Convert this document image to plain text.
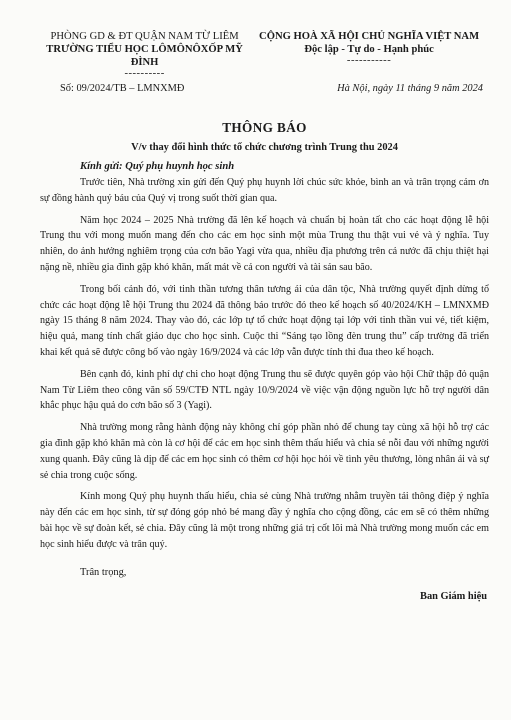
PHÒNG GD & ĐT QUẬN NAM TỪ LIÊM
TRƯỜNG TIỂU HỌC LÔMÔNÔXỐP MỸ ĐÌNH
----------
CỘNG HOÀ XÃ HỘI CHỦ NGHĨA VIỆT NAM
Độc lập - Tự do - Hạnh phúc
-----------
Số: 09/2024/TB – LMNXMĐ	Hà Nội, ngày 11 tháng 9 năm 2024
THÔNG BÁO
V/v thay đổi hình thức tổ chức chương trình Trung thu 2024
Kính gửi: Quý phụ huynh học sinh

Trước tiên, Nhà trường xin gửi đến Quý phụ huynh lời chúc sức khỏe, bình an và trân trọng cảm ơn sự đồng hành quý báu của Quý vị trong suốt thời gian qua.

Năm học 2024 – 2025 Nhà trường đã lên kế hoạch và chuẩn bị hoàn tất cho các hoạt động lễ hội Trung thu với mong muốn mang đến cho các em học sinh một mùa Trung thu thật vui vẻ và ý nghĩa. Tuy nhiên, do ảnh hưởng nghiêm trọng của cơn bão Yagi vừa qua, nhiều địa phương trên cả nước đã chịu thiệt hại nặng nề, nhiều gia đình gặp khó khăn, mất mát về cả con người và tài sản sau bão.

Trong bối cảnh đó, với tinh thần tương thân tương ái của dân tộc, Nhà trường quyết định dừng tổ chức các hoạt động lễ hội Trung thu 2024 đã thông báo trước đó theo kế hoạch số 40/2024/KH – LMNXMĐ ngày 15 tháng 8 năm 2024. Thay vào đó, các lớp tự tổ chức hoạt động tại lớp với tinh thần vui vẻ, tiết kiệm, hiệu quả, mang tính chất giáo dục cho học sinh. Cuộc thi “Sáng tạo lồng đèn trung thu” cấp trường đã triển khai kết quả sẽ được công bố vào ngày 16/9/2024 và các lớp vẫn được tính thi đua theo kế hoạch.

Bên cạnh đó, kinh phí dự chi cho hoạt động Trung thu sẽ được quyên góp vào hội Chữ thập đỏ quận Nam Từ Liêm theo công văn số 59/CTĐ NTL ngày 10/9/2024 về việc vận động nguồn lực hỗ trợ người dân khắc phục hậu quả do cơn bão số 3 (Yagi).

Nhà trường mong rằng hành động này không chỉ góp phần nhỏ để chung tay cùng xã hội hỗ trợ các gia đình gặp khó khăn mà còn là cơ hội để các em học sinh thêm thấu hiểu và chia sẻ nỗi đau với những người xung quanh. Đây cũng là dịp để các em học sinh có thêm cơ hội học hỏi về tình yêu thương, lòng nhân ái và sự sẻ chia trong cuộc sống.

Kính mong Quý phụ huynh thấu hiểu, chia sẻ cùng Nhà trường nhằm truyền tải thông điệp ý nghĩa này đến các em học sinh, từ sự đóng góp nhỏ bé mang đầy ý nghĩa cho cộng đồng, các em sẽ có thêm những bài học về sự đoàn kết, sẻ chia. Đây cũng là một trong những giá trị cốt lõi mà Nhà trường mong muốn các em học sinh hiểu được và trân quý.

Trân trọng,
Ban Giám hiệu
